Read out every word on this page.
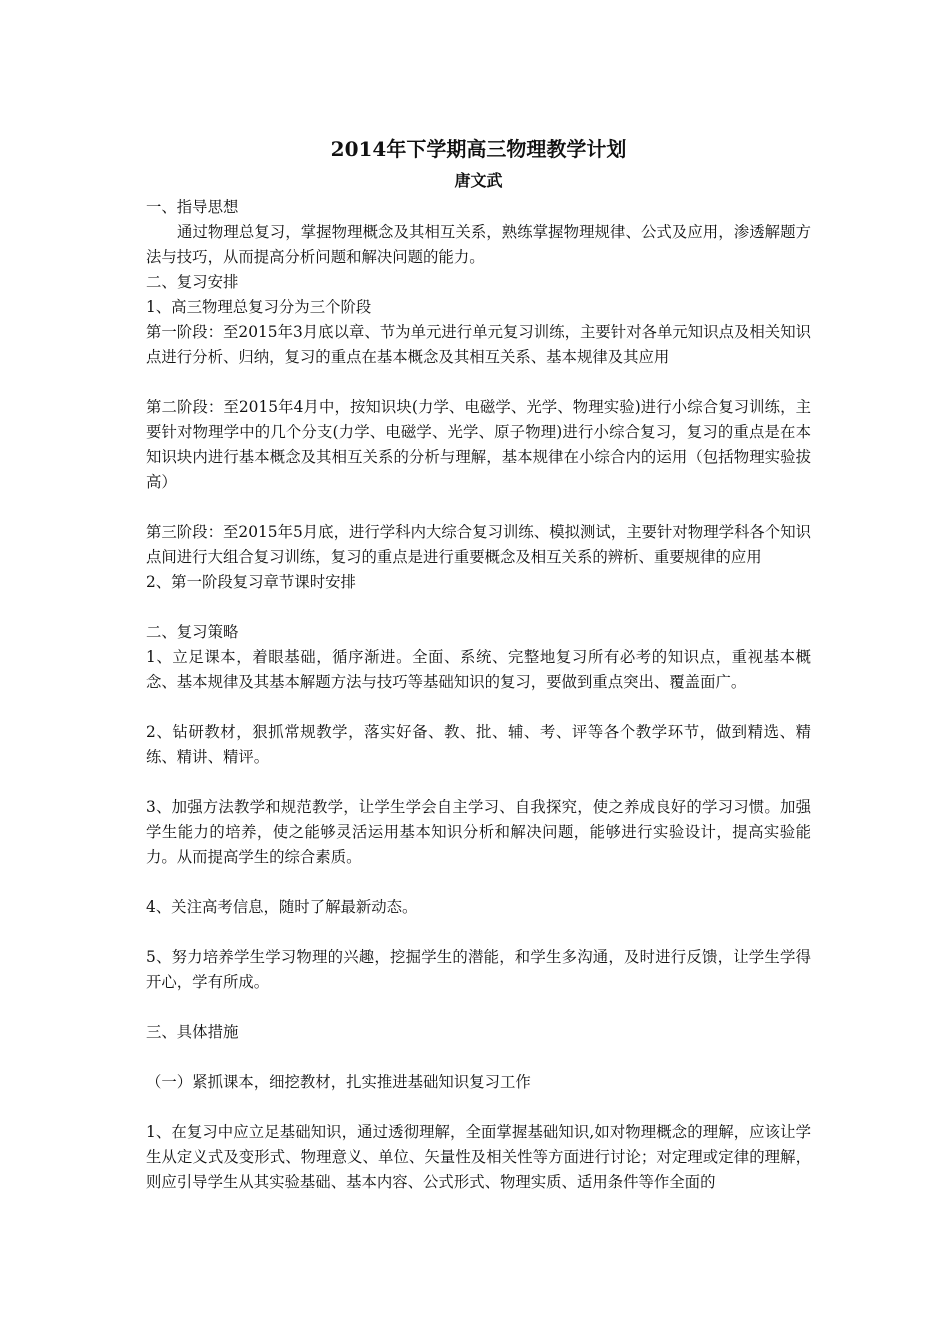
2014年下学期高三物理教学计划
唐文武

一、指导思想

通过物理总复习，掌握物理概念及其相互关系，熟练掌握物理规律、公式及应用，渗透解题方法与技巧，从而提高分析问题和解决问题的能力。

二、复习安排

1、高三物理总复习分为三个阶段

第一阶段：至2015年3月底以章、节为单元进行单元复习训练，主要针对各单元知识点及相关知识点进行分析、归纳，复习的重点在基本概念及其相互关系、基本规律及其应用

第二阶段：至2015年4月中，按知识块(力学、电磁学、光学、物理实验)进行小综合复习训练，主要针对物理学中的几个分支(力学、电磁学、光学、原子物理)进行小综合复习，复习的重点是在本知识块内进行基本概念及其相互关系的分析与理解，基本规律在小综合内的运用（包括物理实验拔高）

第三阶段：至2015年5月底，进行学科内大综合复习训练、模拟测试，主要针对物理学科各个知识点间进行大组合复习训练，复习的重点是进行重要概念及相互关系的辨析、重要规律的应用

2、第一阶段复习章节课时安排

二、复习策略

1、立足课本，着眼基础，循序渐进。全面、系统、完整地复习所有必考的知识点，重视基本概念、基本规律及其基本解题方法与技巧等基础知识的复习，要做到重点突出、覆盖面广。

2、钻研教材，狠抓常规教学，落实好备、教、批、辅、考、评等各个教学环节，做到精选、精练、精讲、精评。

3、加强方法教学和规范教学，让学生学会自主学习、自我探究，使之养成良好的学习习惯。加强学生能力的培养，使之能够灵活运用基本知识分析和解决问题，能够进行实验设计，提高实验能力。从而提高学生的综合素质。

4、关注高考信息，随时了解最新动态。

5、努力培养学生学习物理的兴趣，挖掘学生的潜能，和学生多沟通，及时进行反馈，让学生学得开心，学有所成。

三、具体措施

（一）紧抓课本，细挖教材，扎实推进基础知识复习工作

1、在复习中应立足基础知识，通过透彻理解，全面掌握基础知识,如对物理概念的理解，应该让学生从定义式及变形式、物理意义、单位、矢量性及相关性等方面进行讨论；对定理或定律的理解，则应引导学生从其实验基础、基本内容、公式形式、物理实质、适用条件等作全面的
